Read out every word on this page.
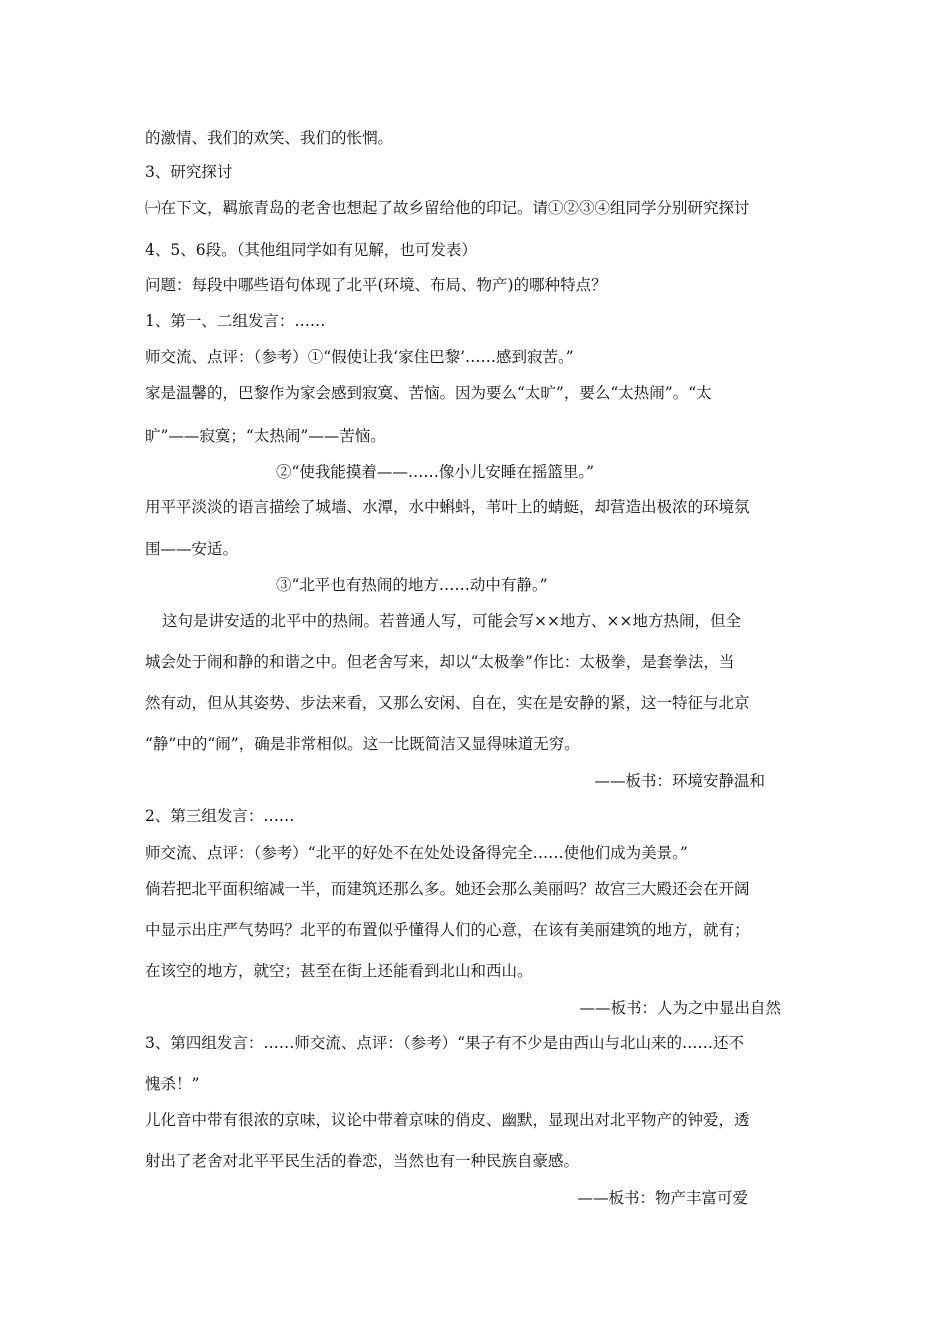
的激情、我们的欢笑、我们的怅惘。
3、研究探讨
㈠在下文，羁旅青岛的老舍也想起了故乡留给他的印记。请①②③④组同学分别研究探讨
4、5、6段。（其他组同学如有见解，也可发表）
问题：每段中哪些语句体现了北平(环境、布局、物产)的哪种特点？
1、第一、二组发言：……
师交流、点评：（参考）①“假使让我‘家住巴黎’……感到寂苦。”
家是温馨的，巴黎作为家会感到寂寞、苦恼。因为要么“太旷”，要么“太热闹”。“太
旷”——寂寞；“太热闹”——苦恼。
②“使我能摸着——……像小儿安睡在摇篮里。”
用平平淡淡的语言描绘了城墙、水潭，水中蝌蚪，苇叶上的蜻蜓，却营造出极浓的环境氛
围——安适。
③“北平也有热闹的地方……动中有静。”
这句是讲安适的北平中的热闹。若普通人写，可能会写××地方、××地方热闹，但全
城会处于闹和静的和谐之中。但老舍写来，却以“太极拳”作比：太极拳，是套拳法，当
然有动，但从其姿势、步法来看，又那么安闲、自在，实在是安静的紧，这一特征与北京
“静”中的“闹”，确是非常相似。这一比既简洁又显得味道无穷。
——板书：环境安静温和
2、第三组发言：……
师交流、点评：（参考）“北平的好处不在处处设备得完全……使他们成为美景。”
倘若把北平面积缩减一半，而建筑还那么多。她还会那么美丽吗？故宫三大殿还会在开阔
中显示出庄严气势吗？北平的布置似乎懂得人们的心意，在该有美丽建筑的地方，就有；
在该空的地方，就空；甚至在街上还能看到北山和西山。
——板书：人为之中显出自然
3、第四组发言：……师交流、点评：（参考）“果子有不少是由西山与北山来的……还不
愧杀！”
儿化音中带有很浓的京味，议论中带着京味的俏皮、幽默，显现出对北平物产的钟爱，透
射出了老舍对北平平民生活的眷恋，当然也有一种民族自豪感。
——板书：物产丰富可爱
